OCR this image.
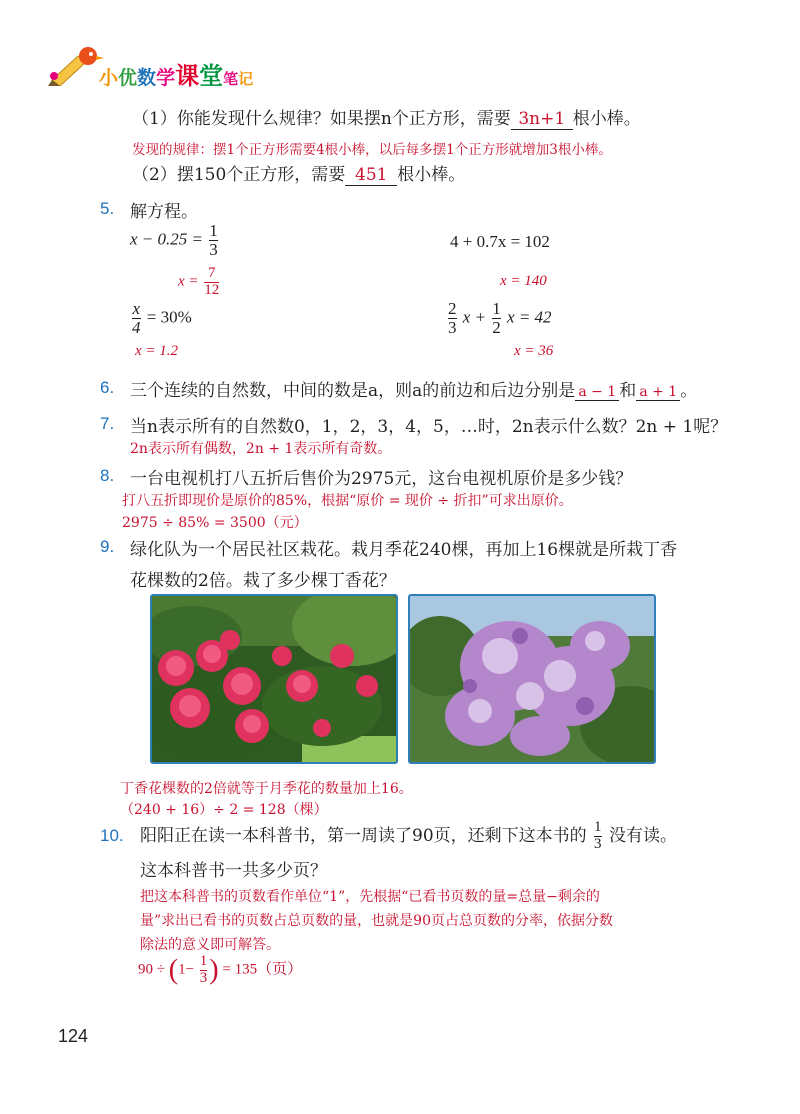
博小优数学课堂笔记
（1）你能发现什么规律？如果摆n个正方形，需要 3n+1 根小棒。
发现的规律：摆1个正方形需要4根小棒，以后每多摆1个正方形就增加3根小棒。
（2）摆150个正方形，需要 451 根小棒。
5. 解方程。
$x - 0.25 = \frac{1}{3}$
$x = \frac{7}{12}$
4 + 0.7x = 102
x = 140
$\frac{x}{4} = 30\%$
x = 1.2
$\frac{2}{3}$ $x + \frac{1}{2}$ x = 42
x = 36
6. 三个连续的自然数，中间的数是a，则a的前边和后边分别是 a − 1 和 a + 1 。
7. 当n表示所有的自然数0，1，2，3，4，5，…时，2n表示什么数？2n + 1呢？
2n表示所有偶数，2n + 1表示所有奇数。
8. 一台电视机打八五折后售价为2975元，这台电视机原价是多少钱？
打八五折即现价是原价的85%，根据“原价 = 现价 ÷ 折扣”可求出原价。
2975 ÷ 85% = 3500（元）
9. 绿化队为一个居民社区栽花。栽月季花240棵，再加上16棵就是所栽丁香
花棵数的2倍。栽了多少棵丁香花？
丁香花棵数的2倍就等于月季花的数量加上16。
（240 + 16）÷ 2 = 128（棵）
10. 阳阳正在读一本科普书，第一周读了90页，还剩下这本书的 $\frac{1}{3}$ 没有读。
这本科普书一共多少页？
把这本科普书的页数看作单位“1”，先根据“已看书页数的量=总量−剩余的
量”求出已看书的页数占总页数的量，也就是90页占总页数的分率，依据分数
除法的意义即可解答。
$90 \div (1- \frac{1}{3}$ ) = 135（页）
124
